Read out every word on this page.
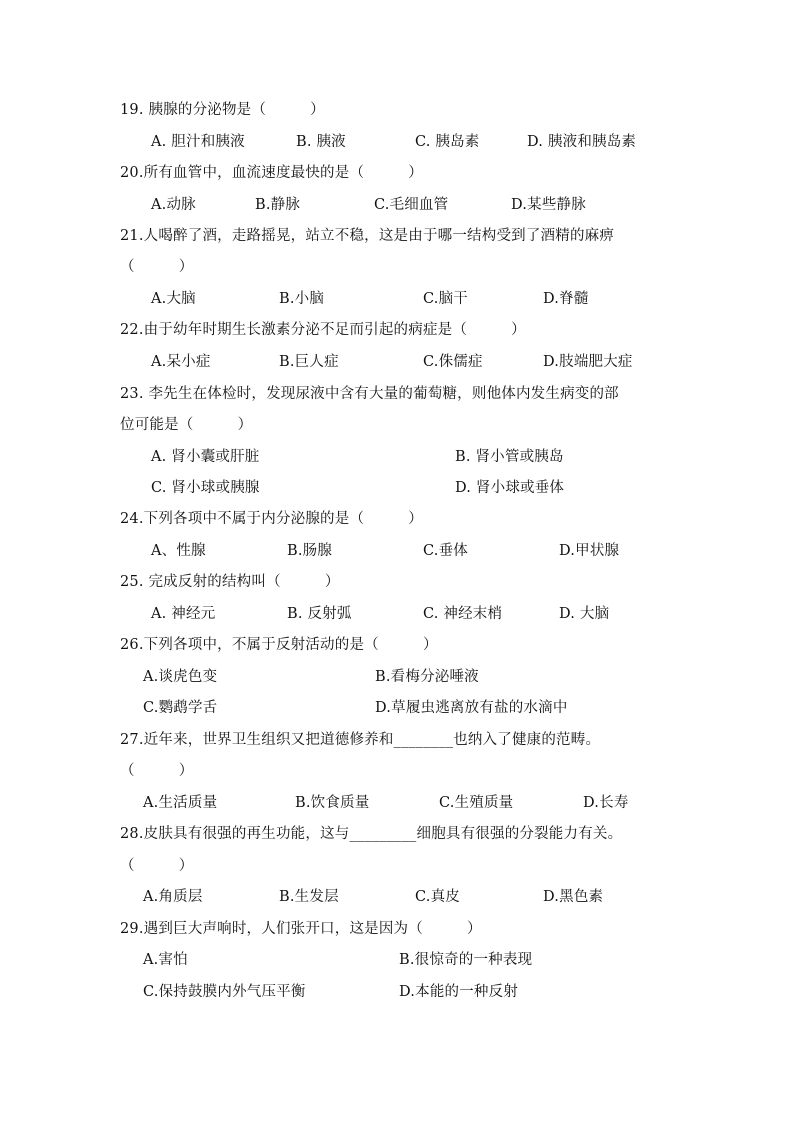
19. 胰腺的分泌物是（　　　）
A. 胆汁和胰液	B. 胰液	C. 胰岛素	D. 胰液和胰岛素
20.所有血管中，血流速度最快的是（　　　）
A.动脉	B.静脉	C.毛细血管	D.某些静脉
21.人喝醉了酒，走路摇晃，站立不稳，这是由于哪一结构受到了酒精的麻痹
（　　　）
A.大脑	B.小脑	C.脑干	D.脊髓
22.由于幼年时期生长激素分泌不足而引起的病症是（　　　）
A.呆小症	B.巨人症	C.侏儒症	D.肢端肥大症
23. 李先生在体检时，发现尿液中含有大量的葡萄糖，则他体内发生病变的部
位可能是（　　　）
A. 肾小囊或肝脏	B. 肾小管或胰岛
C. 肾小球或胰腺	D. 肾小球或垂体
24.下列各项中不属于内分泌腺的是（　　　）
A、性腺	B.肠腺	C.垂体	D.甲状腺
25. 完成反射的结构叫（　　　）
A. 神经元	B. 反射弧	C. 神经末梢	D. 大脑
26.下列各项中，不属于反射活动的是（　　　）
A.谈虎色变	B.看梅分泌唾液
C.鹦鹉学舌	D.草履虫逃离放有盐的水滴中
27.近年来，世界卫生组织又把道德修养和________也纳入了健康的范畴。
（　　　）
A.生活质量	B.饮食质量	C.生殖质量	D.长寿
28.皮肤具有很强的再生功能，这与_________细胞具有很强的分裂能力有关。
（　　　）
A.角质层	B.生发层	C.真皮	D.黑色素
29.遇到巨大声响时，人们张开口，这是因为（　　　）
A.害怕	B.很惊奇的一种表现
C.保持鼓膜内外气压平衡	D.本能的一种反射
